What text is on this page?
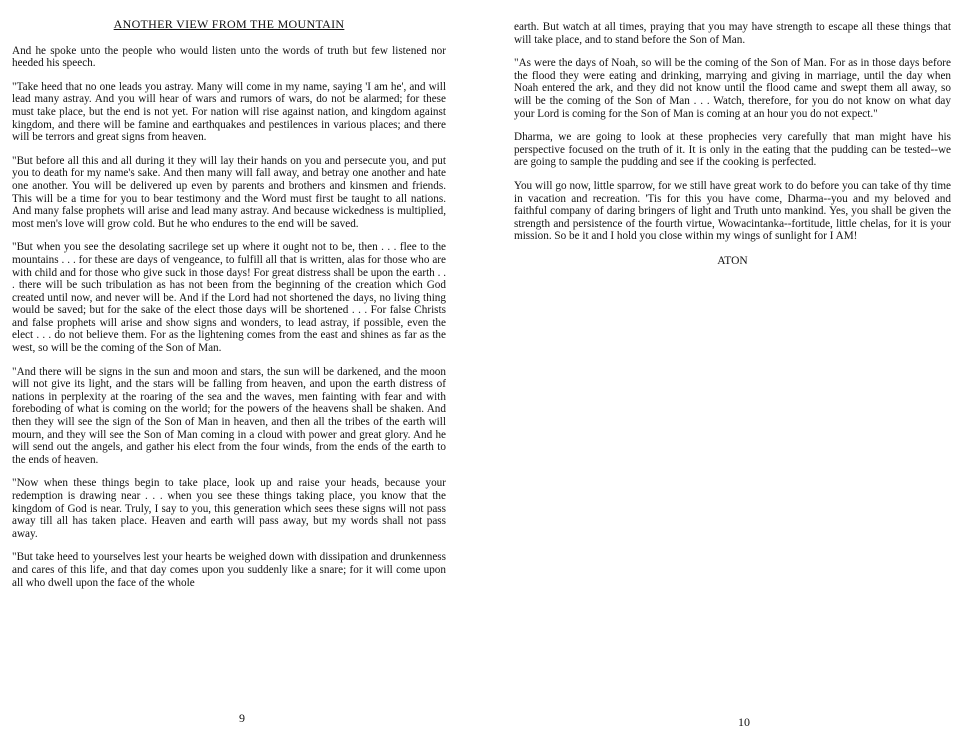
ANOTHER VIEW FROM THE MOUNTAIN

And he spoke unto the people who would listen unto the words of truth but few listened nor heeded his speech.

"Take heed that no one leads you astray. Many will come in my name, saying 'I am he', and will lead many astray. And you will hear of wars and rumors of wars, do not be alarmed; for these must take place, but the end is not yet. For nation will rise against nation, and kingdom against kingdom, and there will be famine and earthquakes and pestilences in various places; and there will be terrors and great signs from heaven.

"But before all this and all during it they will lay their hands on you and persecute you, and put you to death for my name's sake. And then many will fall away, and betray one another and hate one another. You will be delivered up even by parents and brothers and kinsmen and friends. This will be a time for you to bear testimony and the Word must first be taught to all nations. And many false prophets will arise and lead many astray. And because wickedness is multiplied, most men's love will grow cold. But he who endures to the end will be saved.

"But when you see the desolating sacrilege set up where it ought not to be, then . . . flee to the mountains . . . for these are days of vengeance, to fulfill all that is written, alas for those who are with child and for those who give suck in those days! For great distress shall be upon the earth . . . there will be such tribulation as has not been from the beginning of the creation which God created until now, and never will be. And if the Lord had not shortened the days, no living thing would be saved; but for the sake of the elect those days will be shortened . . . For false Christs and false prophets will arise and show signs and wonders, to lead astray, if possible, even the elect . . . do not believe them. For as the lightening comes from the east and shines as far as the west, so will be the coming of the Son of Man.

"And there will be signs in the sun and moon and stars, the sun will be darkened, and the moon will not give its light, and the stars will be falling from heaven, and upon the earth distress of nations in perplexity at the roaring of the sea and the waves, men fainting with fear and with foreboding of what is coming on the world; for the powers of the heavens shall be shaken. And then they will see the sign of the Son of Man in heaven, and then all the tribes of the earth will mourn, and they will see the Son of Man coming in a cloud with power and great glory. And he will send out the angels, and gather his elect from the four winds, from the ends of the earth to the ends of heaven.

"Now when these things begin to take place, look up and raise your heads, because your redemption is drawing near . . . when you see these things taking place, you know that the kingdom of God is near. Truly, I say to you, this generation which sees these signs will not pass away till all has taken place. Heaven and earth will pass away, but my words shall not pass away.

"But take heed to yourselves lest your hearts be weighed down with dissipation and drunkenness and cares of this life, and that day comes upon you suddenly like a snare; for it will come upon all who dwell upon the face of the whole

9

earth. But watch at all times, praying that you may have strength to escape all these things that will take place, and to stand before the Son of Man.

"As were the days of Noah, so will be the coming of the Son of Man. For as in those days before the flood they were eating and drinking, marrying and giving in marriage, until the day when Noah entered the ark, and they did not know until the flood came and swept them all away, so will be the coming of the Son of Man . . . Watch, therefore, for you do not know on what day your Lord is coming for the Son of Man is coming at an hour you do not expect."

Dharma, we are going to look at these prophecies very carefully that man might have his perspective focused on the truth of it. It is only in the eating that the pudding can be tested--we are going to sample the pudding and see if the cooking is perfected.

You will go now, little sparrow, for we still have great work to do before you can take of thy time in vacation and recreation. 'Tis for this you have come, Dharma--you and my beloved and faithful company of daring bringers of light and Truth unto mankind. Yes, you shall be given the strength and persistence of the fourth virtue, Wowacintanka--fortitude, little chelas, for it is your mission. So be it and I hold you close within my wings of sunlight for I AM!

ATON

10
